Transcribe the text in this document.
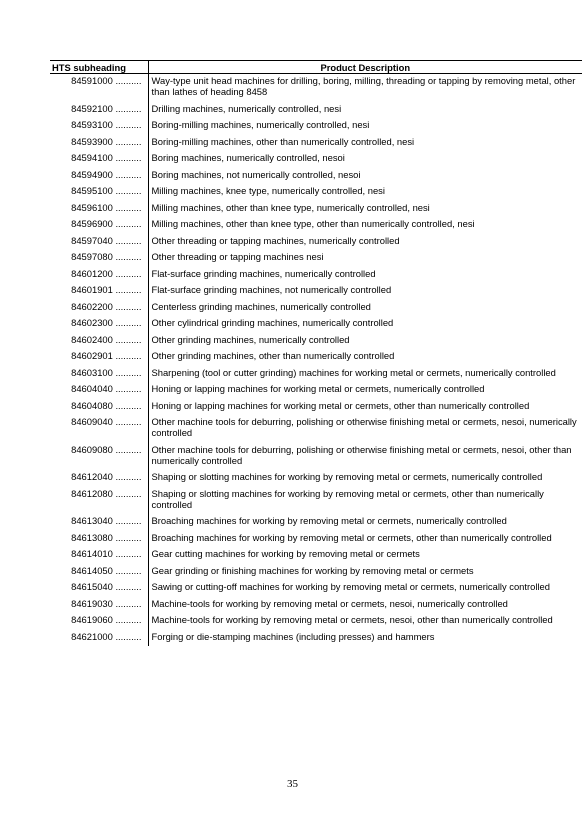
HTS subheading	Product Description
84591000 ..........	Way-type unit head machines for drilling, boring, milling, threading or tapping by removing metal, other than lathes of heading 8458
84592100 ..........	Drilling machines, numerically controlled, nesi
84593100 ..........	Boring-milling machines, numerically controlled, nesi
84593900 ..........	Boring-milling machines, other than numerically controlled, nesi
84594100 ..........	Boring machines, numerically controlled, nesoi
84594900 ..........	Boring machines, not numerically controlled, nesoi
84595100 ..........	Milling machines, knee type, numerically controlled, nesi
84596100 ..........	Milling machines, other than knee type, numerically controlled, nesi
84596900 ..........	Milling machines, other than knee type, other than numerically controlled, nesi
84597040 ..........	Other threading or tapping machines, numerically controlled
84597080 ..........	Other threading or tapping machines nesi
84601200 ..........	Flat-surface grinding machines, numerically controlled
84601901 ..........	Flat-surface grinding machines, not numerically controlled
84602200 ..........	Centerless grinding machines, numerically controlled
84602300 ..........	Other cylindrical grinding machines, numerically controlled
84602400 ..........	Other grinding machines, numerically controlled
84602901 ..........	Other grinding machines, other than numerically controlled
84603100 ..........	Sharpening (tool or cutter grinding) machines for working metal or cermets, numerically controlled
84604040 ..........	Honing or lapping machines for working metal or cermets, numerically controlled
84604080 ..........	Honing or lapping machines for working metal or cermets, other than numerically controlled
84609040 ..........	Other machine tools for deburring, polishing or otherwise finishing metal or cermets, nesoi, numerically controlled
84609080 ..........	Other machine tools for deburring, polishing or otherwise finishing metal or cermets, nesoi, other than numerically controlled
84612040 ..........	Shaping or slotting machines for working by removing metal or cermets, numerically controlled
84612080 ..........	Shaping or slotting machines for working by removing metal or cermets, other than numerically controlled
84613040 ..........	Broaching machines for working by removing metal or cermets, numerically controlled
84613080 ..........	Broaching machines for working by removing metal or cermets, other than numerically controlled
84614010 ..........	Gear cutting machines for working by removing metal or cermets
84614050 ..........	Gear grinding or finishing machines for working by removing metal or cermets
84615040 ..........	Sawing or cutting-off machines for working by removing metal or cermets, numerically controlled
84619030 ..........	Machine-tools for working by removing metal or cermets, nesoi, numerically controlled
84619060 ..........	Machine-tools for working by removing metal or cermets, nesoi, other than numerically controlled
84621000 ..........	Forging or die-stamping machines (including presses) and hammers
35
